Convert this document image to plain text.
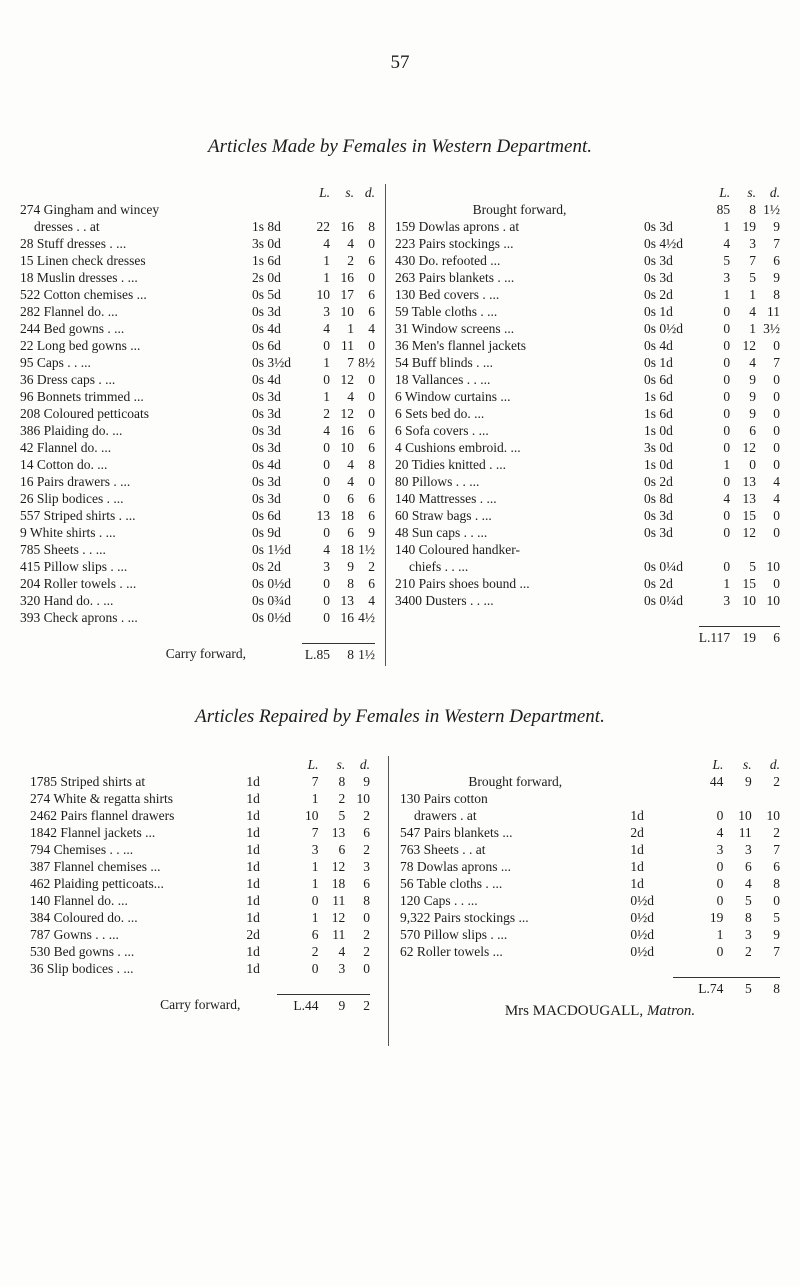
57
Articles Made by Females in Western Department.
		L.	s.	d.
274 Gingham and wincey				
dresses . . at	1s 8d	22	16	8
28 Stuff dresses . ...	3s 0d	4	4	0
15 Linen check dresses	1s 6d	1	2	6
18 Muslin dresses . ...	2s 0d	1	16	0
522 Cotton chemises ...	0s 5d	10	17	6
282 Flannel do. ...	0s 3d	3	10	6
244 Bed gowns . ...	0s 4d	4	1	4
22 Long bed gowns ...	0s 6d	0	11	0
95 Caps . . ...	0s 3½d	1	7	8½
36 Dress caps . ...	0s 4d	0	12	0
96 Bonnets trimmed ...	0s 3d	1	4	0
208 Coloured petticoats	0s 3d	2	12	0
386 Plaiding do. ...	0s 3d	4	16	6
42 Flannel do. ...	0s 3d	0	10	6
14 Cotton do. ...	0s 4d	0	4	8
16 Pairs drawers . ...	0s 3d	0	4	0
26 Slip bodices . ...	0s 3d	0	6	6
557 Striped shirts . ...	0s 6d	13	18	6
9 White shirts . ...	0s 9d	0	6	9
785 Sheets . . ...	0s 1½d	4	18	1½
415 Pillow slips . ...	0s 2d	3	9	2
204 Roller towels . ...	0s 0½d	0	8	6
320 Hand do. . ...	0s 0¾d	0	13	4
393 Check aprons . ...	0s 0½d	0	16	4½

Carry forward,		L.85	8	1½
		L.	s.	d.
Brought forward,		85	8	1½
159 Dowlas aprons . at	0s 3d	1	19	9
223 Pairs stockings ...	0s 4½d	4	3	7
430 Do. refooted ...	0s 3d	5	7	6
263 Pairs blankets . ...	0s 3d	3	5	9
130 Bed covers . ...	0s 2d	1	1	8
59 Table cloths . ...	0s 1d	0	4	11
31 Window screens ...	0s 0½d	0	1	3½
36 Men's flannel jackets	0s 4d	0	12	0
54 Buff blinds . ...	0s 1d	0	4	7
18 Vallances . . ...	0s 6d	0	9	0
6 Window curtains ...	1s 6d	0	9	0
6 Sets bed do. ...	1s 6d	0	9	0
6 Sofa covers . ...	1s 0d	0	6	0
4 Cushions embroid. ...	3s 0d	0	12	0
20 Tidies knitted . ...	1s 0d	1	0	0
80 Pillows . . ...	0s 2d	0	13	4
140 Mattresses . ...	0s 8d	4	13	4
60 Straw bags . ...	0s 3d	0	15	0
48 Sun caps . . ...	0s 3d	0	12	0
140 Coloured handker-				
chiefs . . ...	0s 0¼d	0	5	10
210 Pairs shoes bound ...	0s 2d	1	15	0
3400 Dusters . . ...	0s 0¼d	3	10	10

		L.117	19	6
Articles Repaired by Females in Western Department.
		L.	s.	d.
1785 Striped shirts at	1d	7	8	9
274 White & regatta shirts	1d	1	2	10
2462 Pairs flannel drawers	1d	10	5	2
1842 Flannel jackets ...	1d	7	13	6
794 Chemises . . ...	1d	3	6	2
387 Flannel chemises ...	1d	1	12	3
462 Plaiding petticoats...	1d	1	18	6
140 Flannel do. ...	1d	0	11	8
384 Coloured do. ...	1d	1	12	0
787 Gowns . . ...	2d	6	11	2
530 Bed gowns . ...	1d	2	4	2
36 Slip bodices . ...	1d	0	3	0

Carry forward,		L.44	9	2
		L.	s.	d.
Brought forward,		44	9	2
130 Pairs cotton				
drawers . at	1d	0	10	10
547 Pairs blankets ...	2d	4	11	2
763 Sheets . . at	1d	3	3	7
78 Dowlas aprons ...	1d	0	6	6
56 Table cloths . ...	1d	0	4	8
120 Caps . . ...	0½d	0	5	0
9,322 Pairs stockings ...	0½d	19	8	5
570 Pillow slips . ...	0½d	1	3	9
62 Roller towels ...	0½d	0	2	7

		L.74	5	8
Mrs MACDOUGALL, Matron.
